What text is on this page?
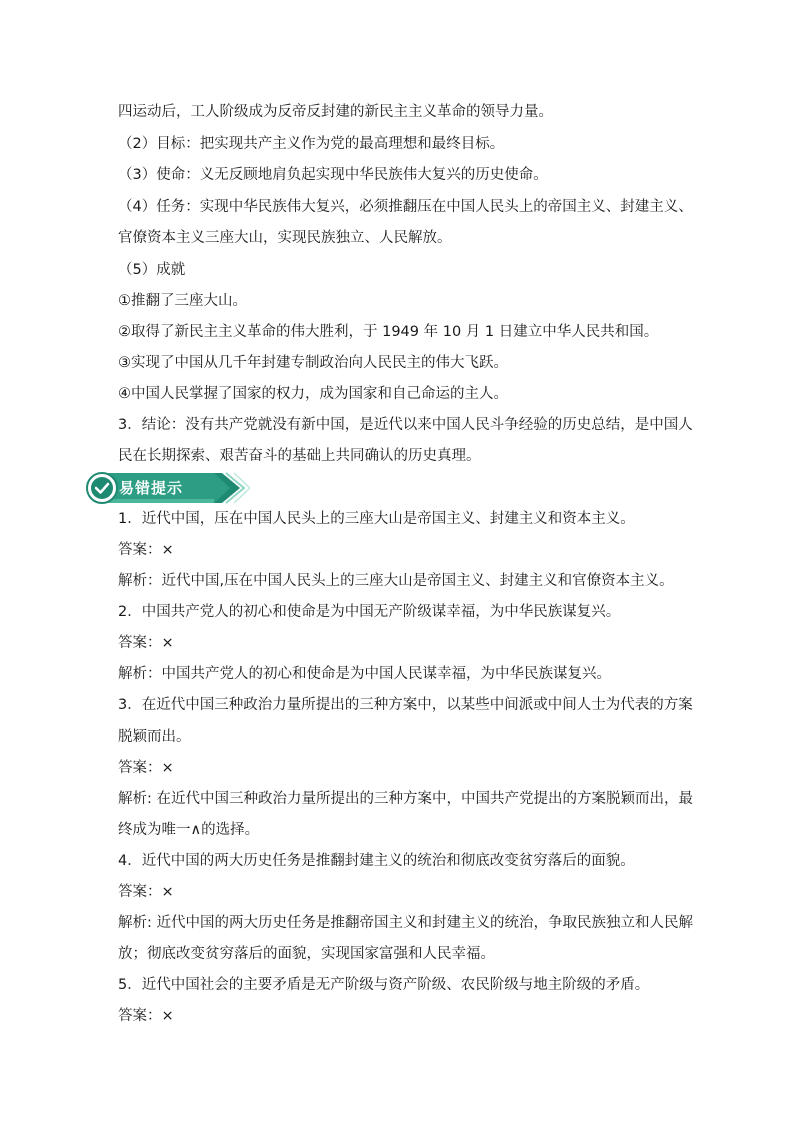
四运动后，工人阶级成为反帝反封建的新民主主义革命的领导力量。
（2）目标：把实现共产主义作为党的最高理想和最终目标。
（3）使命：义无反顾地肩负起实现中华民族伟大复兴的历史使命。
（4）任务：实现中华民族伟大复兴，必须推翻压在中国人民头上的帝国主义、封建主义、
官僚资本主义三座大山，实现民族独立、人民解放。
（5）成就
①推翻了三座大山。
②取得了新民主主义革命的伟大胜利，于 1949 年 10 月 1 日建立中华人民共和国。
③实现了中国从几千年封建专制政治向人民民主的伟大飞跃。
④中国人民掌握了国家的权力，成为国家和自己命运的主人。
3．结论：没有共产党就没有新中国，是近代以来中国人民斗争经验的历史总结，是中国人
民在长期探索、艰苦奋斗的基础上共同确认的历史真理。
易错提示
1．近代中国，压在中国人民头上的三座大山是帝国主义、封建主义和资本主义。
答案：×
解析：近代中国,压在中国人民头上的三座大山是帝国主义、封建主义和官僚资本主义。
2．中国共产党人的初心和使命是为中国无产阶级谋幸福，为中华民族谋复兴。
答案：×
解析：中国共产党人的初心和使命是为中国人民谋幸福，为中华民族谋复兴。
3．在近代中国三种政治力量所提出的三种方案中，以某些中间派或中间人士为代表的方案
脱颖而出。
答案：×
解析: 在近代中国三种政治力量所提出的三种方案中，中国共产党提出的方案脱颖而出，最
终成为唯一∧的选择。
4．近代中国的两大历史任务是推翻封建主义的统治和彻底改变贫穷落后的面貌。
答案：×
解析: 近代中国的两大历史任务是推翻帝国主义和封建主义的统治，争取民族独立和人民解
放；彻底改变贫穷落后的面貌，实现国家富强和人民幸福。
5．近代中国社会的主要矛盾是无产阶级与资产阶级、农民阶级与地主阶级的矛盾。
答案：×
